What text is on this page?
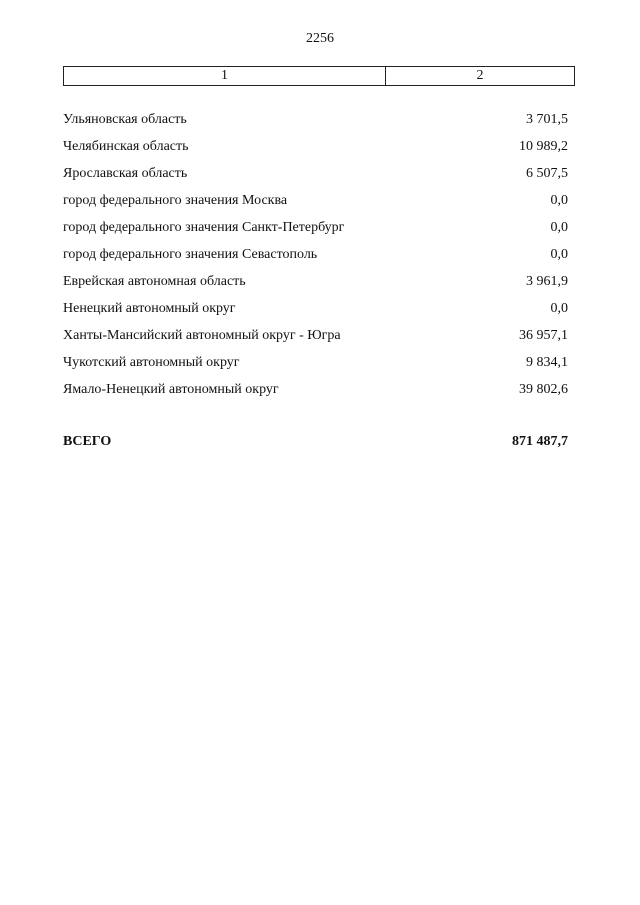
2256
1	2
Ульяновская область	3 701,5
Челябинская область	10 989,2
Ярославская область	6 507,5
город федерального значения Москва	0,0
город федерального значения Санкт-Петербург	0,0
город федерального значения Севастополь	0,0
Еврейская автономная область	3 961,9
Ненецкий автономный округ	0,0
Ханты-Мансийский автономный округ - Югра	36 957,1
Чукотский автономный округ	9 834,1
Ямало-Ненецкий автономный округ	39 802,6
ВСЕГО	871 487,7
